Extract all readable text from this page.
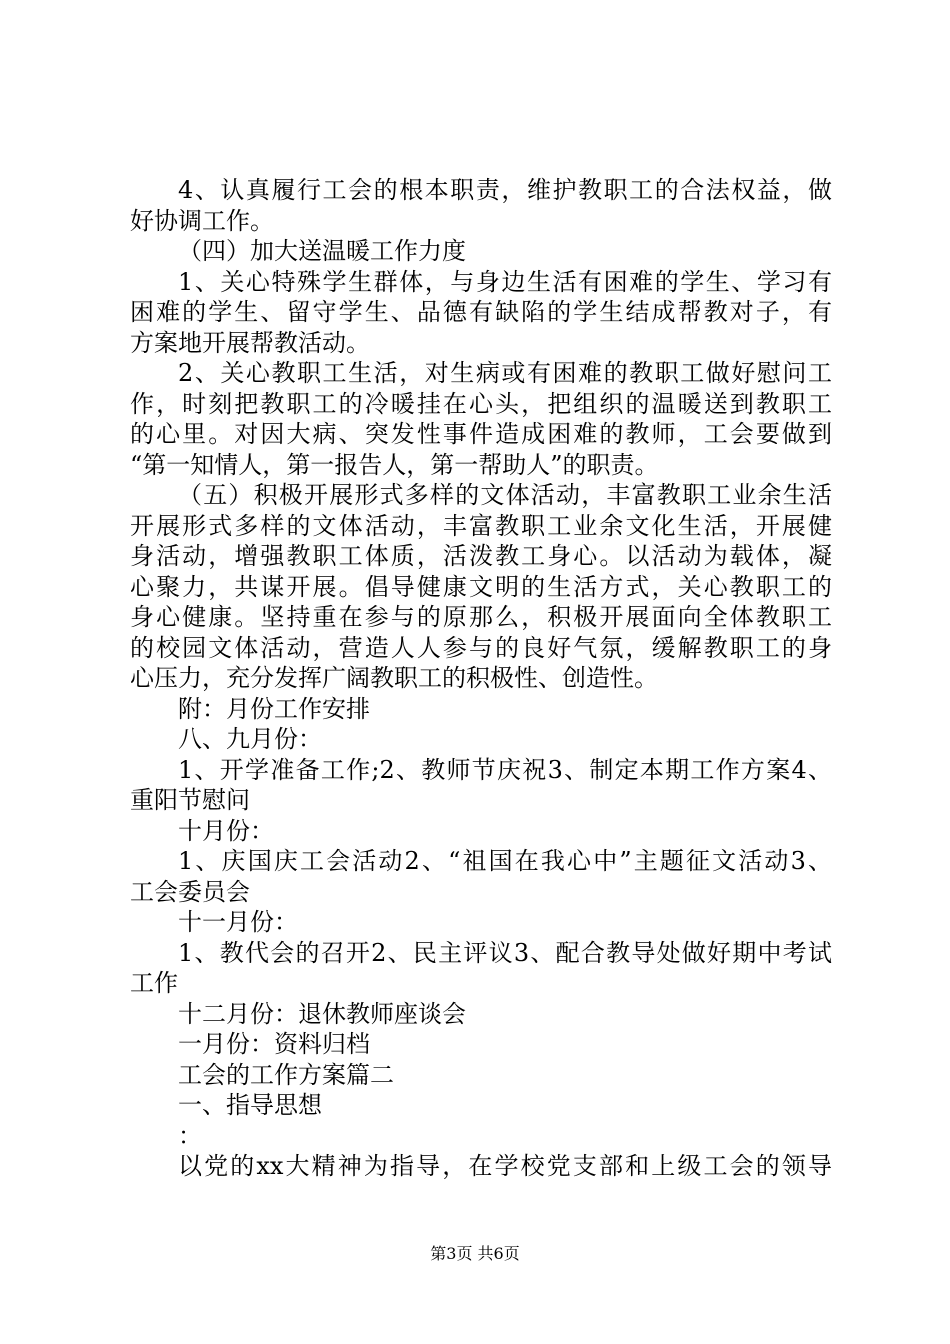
4、认真履行工会的根本职责，维护教职工的合法权益，做
好协调工作。
（四）加大送温暖工作力度
1、关心特殊学生群体，与身边生活有困难的学生、学习有
困难的学生、留守学生、品德有缺陷的学生结成帮教对子，有
方案地开展帮教活动。
2、关心教职工生活，对生病或有困难的教职工做好慰问工
作，时刻把教职工的冷暖挂在心头，把组织的温暖送到教职工
的心里。对因大病、突发性事件造成困难的教师，工会要做到
“第一知情人，第一报告人，第一帮助人”的职责。
（五）积极开展形式多样的文体活动，丰富教职工业余生活
开展形式多样的文体活动，丰富教职工业余文化生活，开展健
身活动，增强教职工体质，活泼教工身心。以活动为载体，凝
心聚力，共谋开展。倡导健康文明的生活方式，关心教职工的
身心健康。坚持重在参与的原那么，积极开展面向全体教职工
的校园文体活动，营造人人参与的良好气氛，缓解教职工的身
心压力，充分发挥广阔教职工的积极性、创造性。
附：月份工作安排
八、九月份：
1、开学准备工作;2、教师节庆祝3、制定本期工作方案4、
重阳节慰问
十月份：
1、庆国庆工会活动2、“祖国在我心中”主题征文活动3、
工会委员会
十一月份：
1、教代会的召开2、民主评议3、配合教导处做好期中考试
工作
十二月份：退休教师座谈会
一月份：资料归档
工会的工作方案篇二
一、指导思想
：
以党的xx大精神为指导，在学校党支部和上级工会的领导
第3页 共6页
